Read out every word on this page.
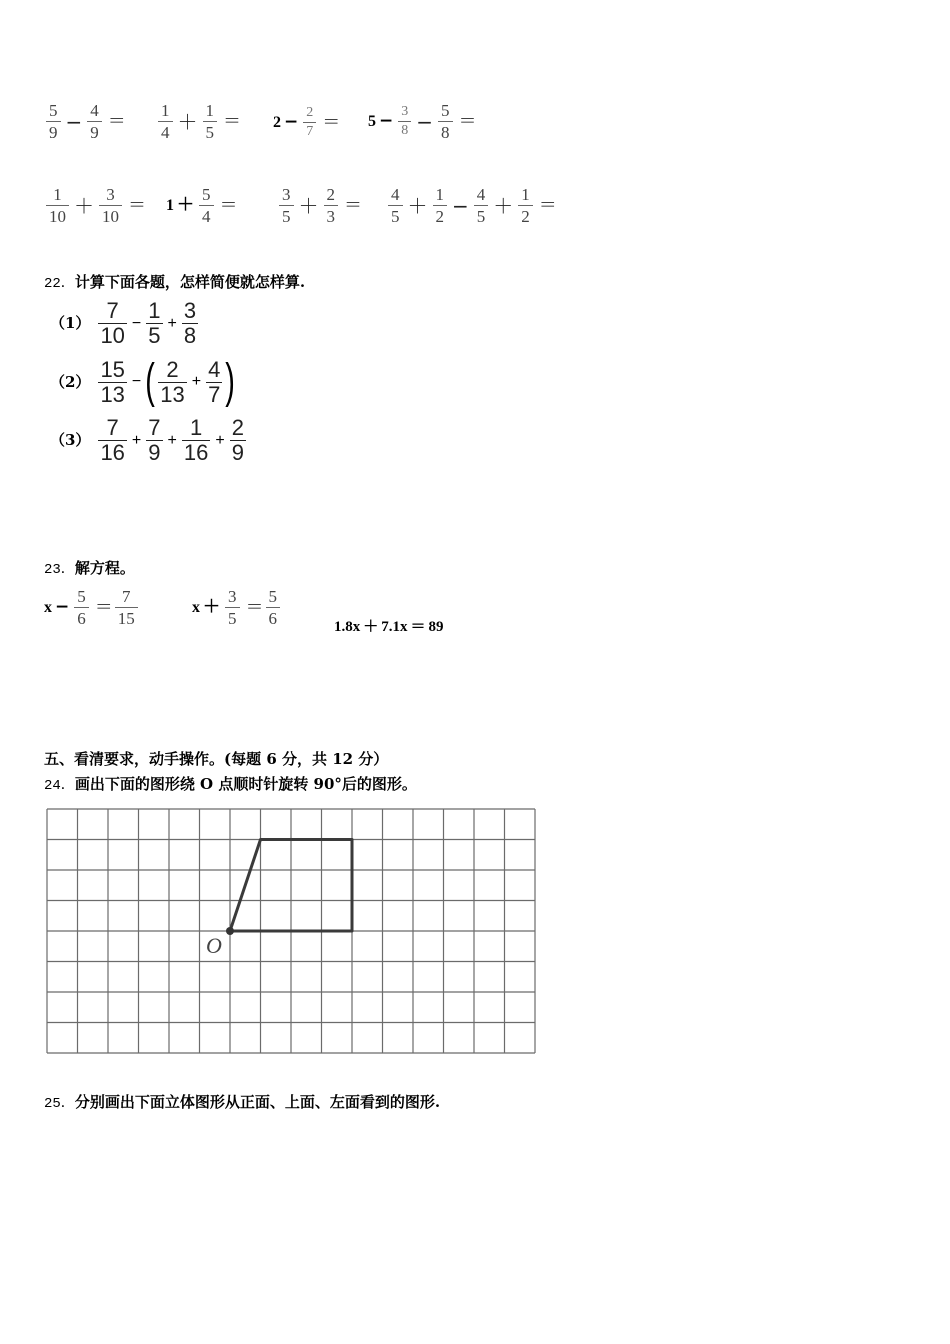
$\frac{5}{9} - \frac{4}{9} = \frac{1}{4} + \frac{1}{5} = 2 - \frac{2}{7} = 5 - \frac{3}{8} - \frac{5}{8}$ ＝
$\frac{1}{10} + \frac{3}{10} = 1 + \frac{5}{4} = \frac{3}{5} + \frac{2}{3} = \frac{4}{5} + \frac{1}{2} - \frac{4}{5} + \frac{1}{2}$ ＝
22．计算下面各题，怎样简便就怎样算.
（1） 7
$10 - \frac{1}{5} + \frac{3}{8}$
（2） 15
13 − ( 2
$13 + \frac{4}{7}$ )
（3） 7
$16 + \frac{7}{9} + \frac{1}{16} + \frac{2}{9}$
23．解方程。
$x - \frac{5}{6} = \frac{7}{15}$	$x + \frac{3}{5} = \frac{5}{6}$	1.8x ＋ 7.1x ＝ 89
五、看清要求，动手操作。(每题 6 分，共 12 分）
24．画出下面的图形绕 O 点顺时针旋转 90°后的图形。
O
25．分别画出下面立体图形从正面、上面、左面看到的图形.
